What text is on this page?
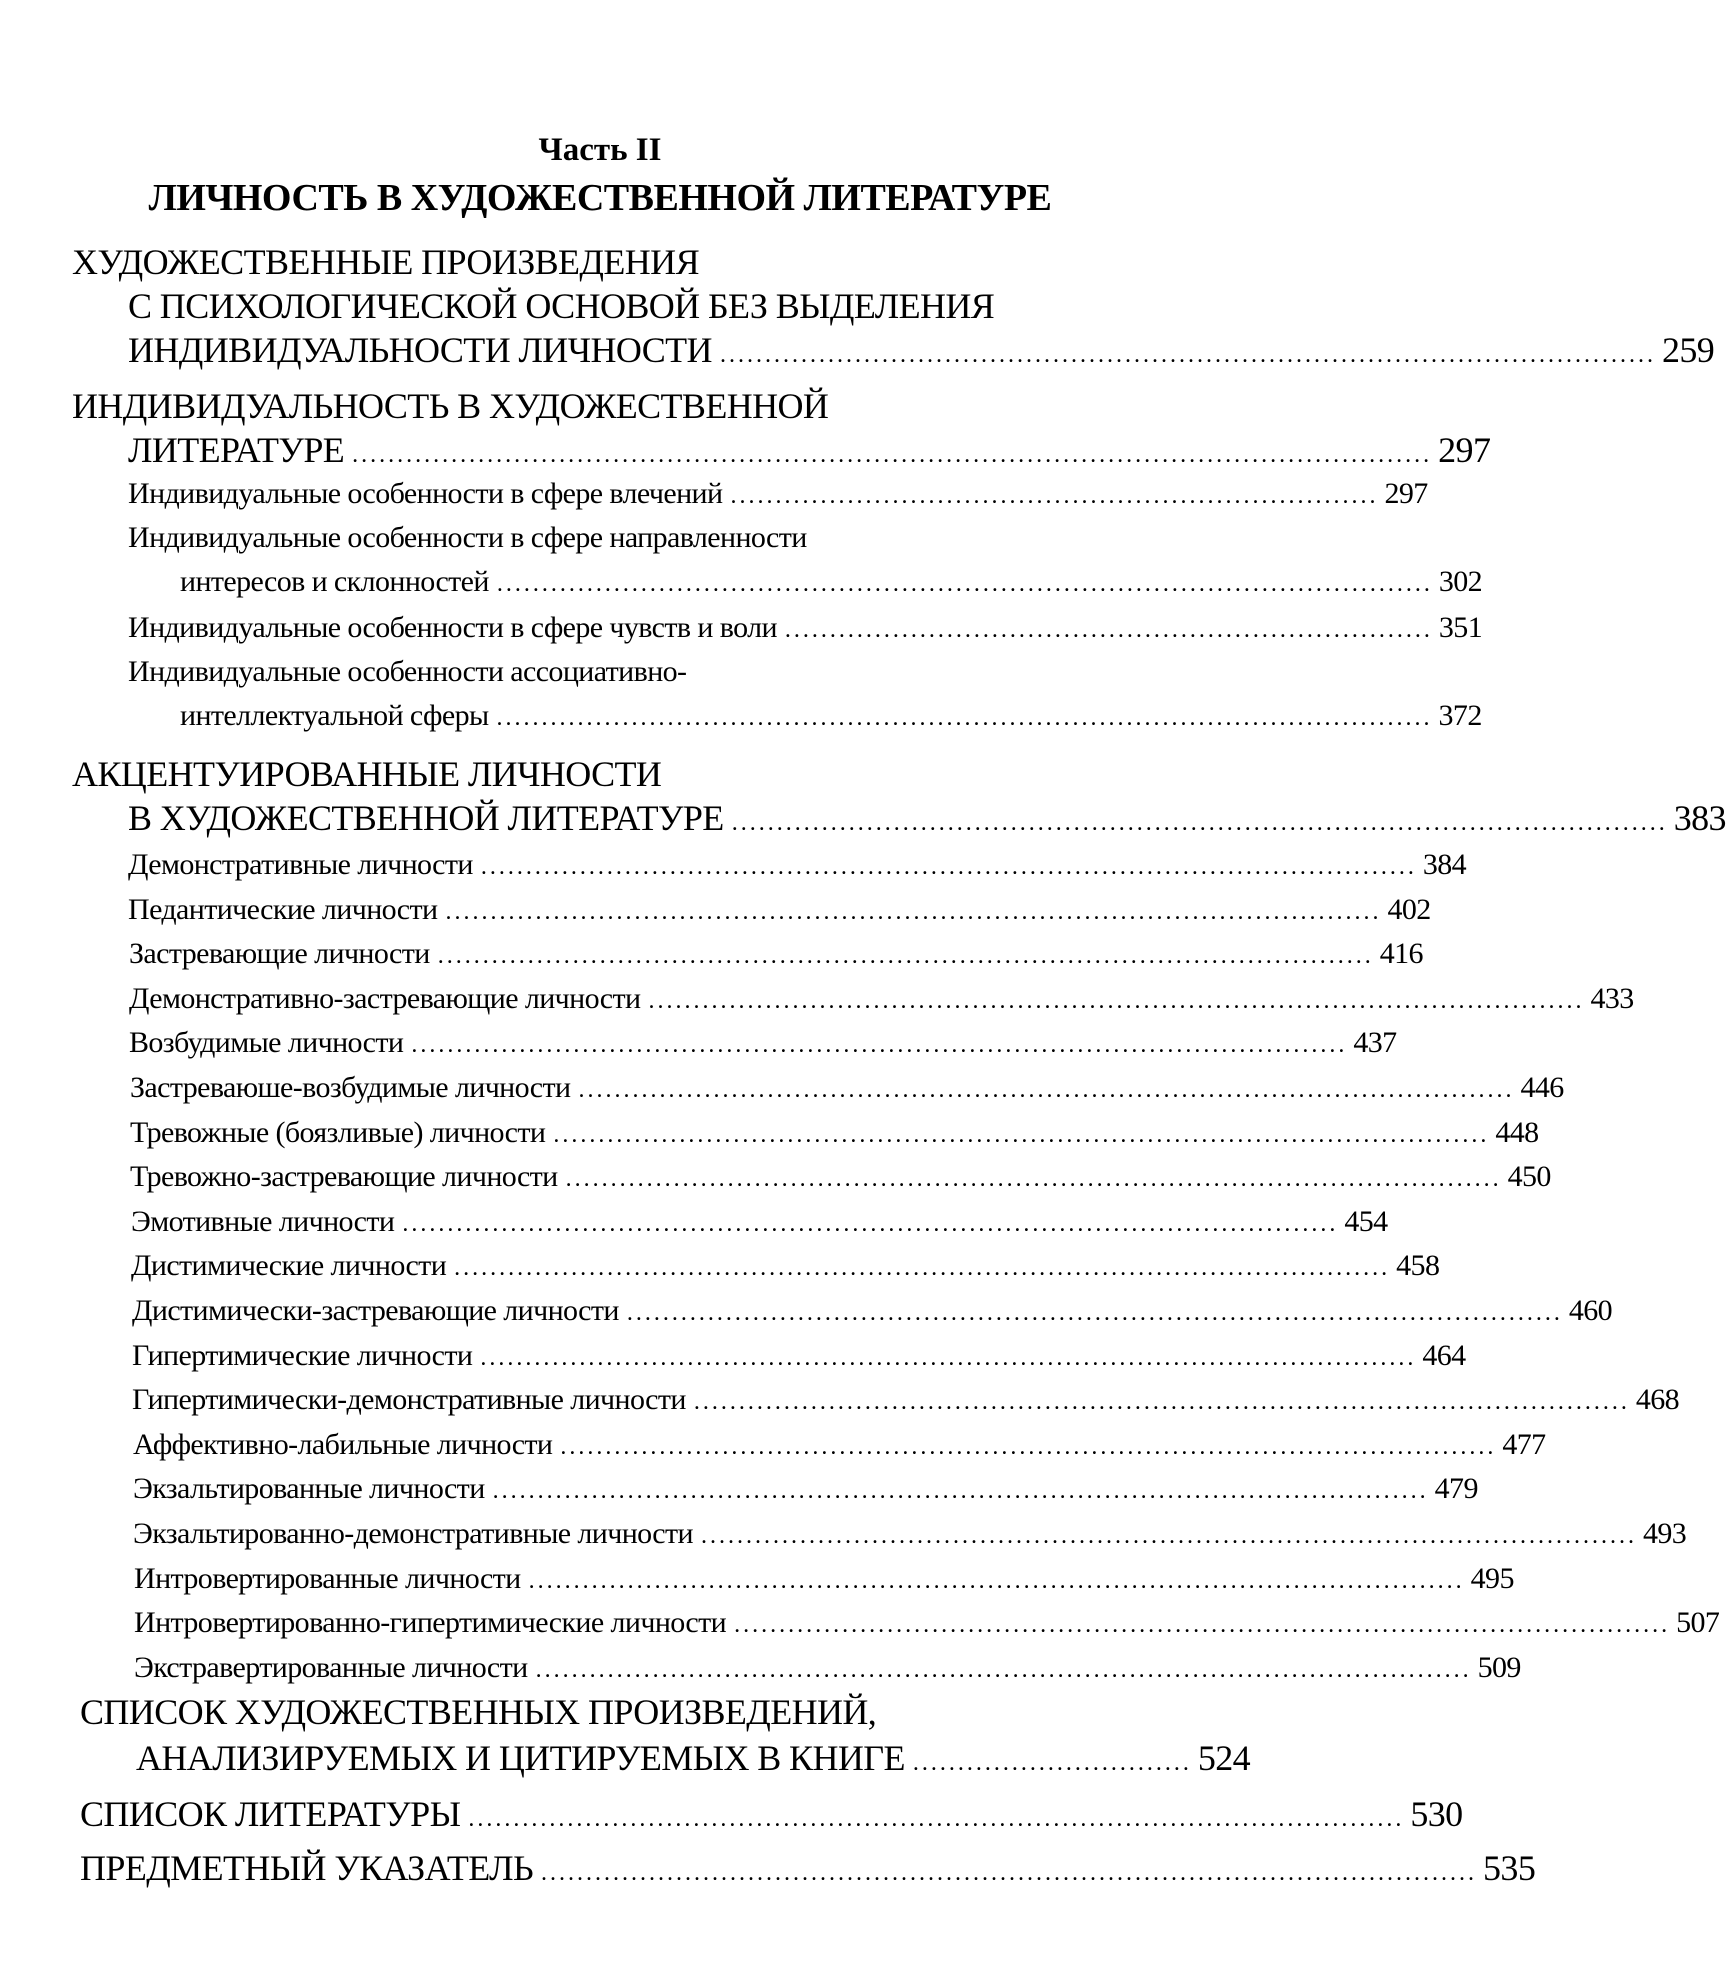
Часть II
ЛИЧНОСТЬ В ХУДОЖЕСТВЕННОЙ ЛИТЕРАТУРЕ
ХУДОЖЕСТВЕННЫЕ ПРОИЗВЕДЕНИЯ
С ПСИХОЛОГИЧЕСКОЙ ОСНОВОЙ БЕЗ ВЫДЕЛЕНИЯ
ИНДИВИДУАЛЬНОСТИ ЛИЧНОСТИ ........................................................................................................ 259
ИНДИВИДУАЛЬНОСТЬ В ХУДОЖЕСТВЕННОЙ
ЛИТЕРАТУРЕ ........................................................................................................................ 297
Индивидуальные особенности в сфере влечений ........................................................................ 297
Индивидуальные особенности в сфере направленности
интересов и склонностей ........................................................................................................ 302
Индивидуальные особенности в сфере чувств и воли ........................................................................ 351
Индивидуальные особенности ассоциативно-
интеллектуальной сферы ........................................................................................................ 372
АКЦЕНТУИРОВАННЫЕ ЛИЧНОСТИ
В ХУДОЖЕСТВЕННОЙ ЛИТЕРАТУРЕ ........................................................................................................ 383
Демонстративные личности ........................................................................................................ 384
Педантические личности ........................................................................................................ 402
Застревающие личности ........................................................................................................ 416
Демонстративно-застревающие личности ........................................................................................................ 433
Возбудимые личности ........................................................................................................ 437
Застреваюше-возбудимые личности ........................................................................................................ 446
Тревожные (боязливые) личности ........................................................................................................ 448
Тревожно-застревающие личности ........................................................................................................ 450
Эмотивные личности ........................................................................................................ 454
Дистимические личности ........................................................................................................ 458
Дистимически-застревающие личности ........................................................................................................ 460
Гипертимические личности ........................................................................................................ 464
Гипертимически-демонстративные личности ........................................................................................................ 468
Аффективно-лабильные личности ........................................................................................................ 477
Экзальтированные личности ........................................................................................................ 479
Экзальтированно-демонстративные личности ........................................................................................................ 493
Интровертированные личности ........................................................................................................ 495
Интровертированно-гипертимические личности ........................................................................................................ 507
Экстравертированные личности ........................................................................................................ 509
СПИСОК ХУДОЖЕСТВЕННЫХ ПРОИЗВЕДЕНИЙ,
АНАЛИЗИРУЕМЫХ И ЦИТИРУЕМЫХ В КНИГЕ ............................... 524
СПИСОК ЛИТЕРАТУРЫ ........................................................................................................ 530
ПРЕДМЕТНЫЙ УКАЗАТЕЛЬ ........................................................................................................ 535
